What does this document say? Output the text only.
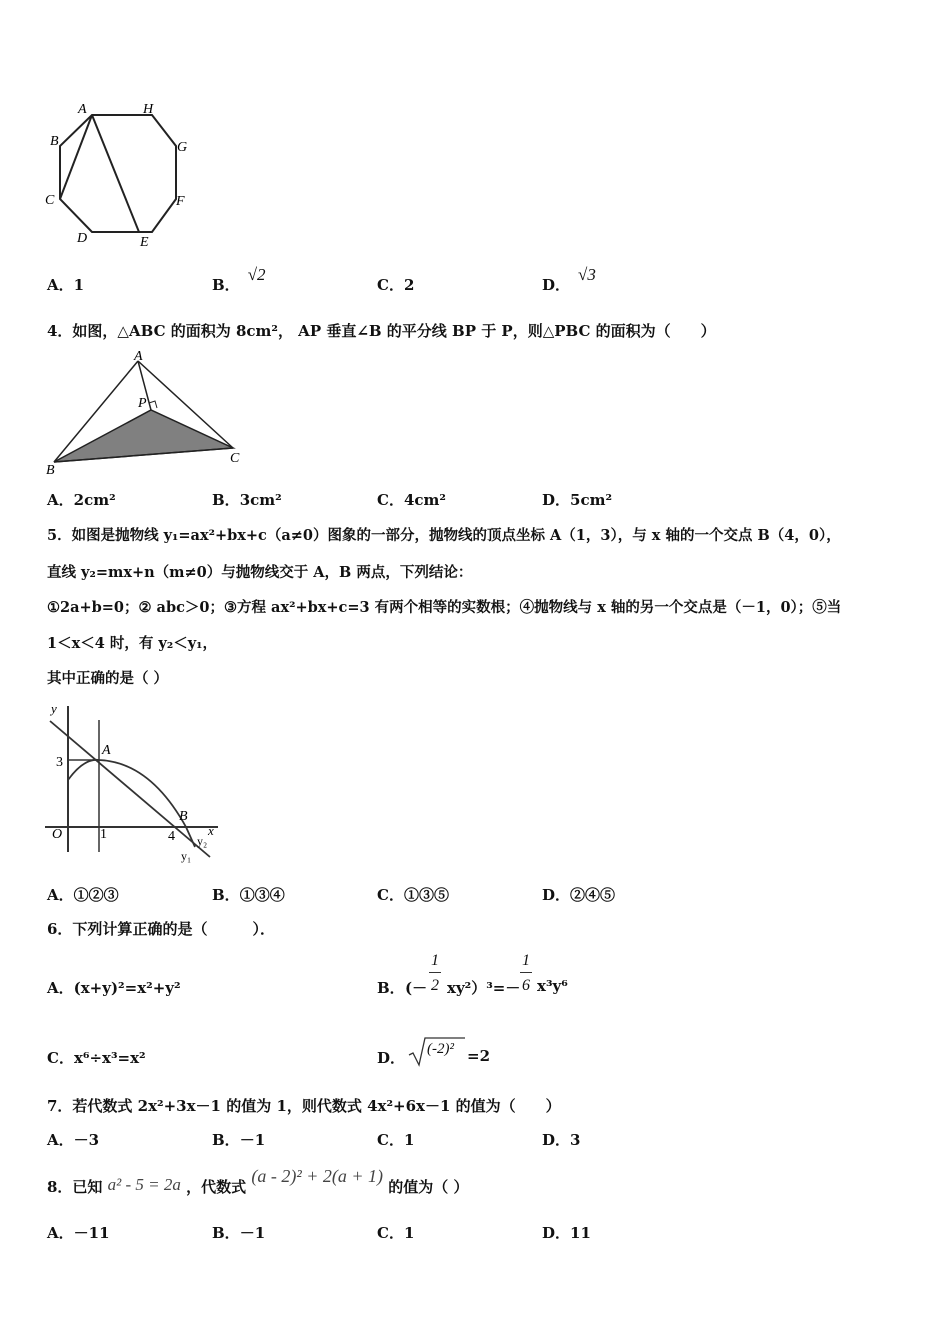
A	H
G
F
E
D
C
B
A．1	B．√2
C．2	D．√3
4．如图，△ABC 的面积为 8cm²， AP 垂直∠B 的平分线 BP 于 P，则△PBC 的面积为（　　）
A
P
B
C
A．2cm²	B．3cm²	C．4cm²	D．5cm²
5．如图是抛物线 y₁=ax²+bx+c（a≠0）图象的一部分，抛物线的顶点坐标 A（1，3），与 x 轴的一个交点 B（4，0），
直线 y₂=mx+n（m≠0）与抛物线交于 A，B 两点，下列结论：
①2a+b=0；② abc＞0；③方程 ax²+bx+c=3 有两个相等的实数根；④抛物线与 x 轴的另一个交点是（－1，0）；⑤当
1＜x＜4 时，有 y₂＜y₁，
其中正确的是（ ）
y
x
3
A
B
O	1	4 y₂
y₁
A．①②③	B．①③④	C．①③⑤	D．②④⑤
6．下列计算正确的是（　　　）．
A．(x+y)²=x²+y²	B． (－
1
2 xy²）³=－
1
6 x³y⁶
C．x⁶÷x³=x²	D． (-2)² =2
7．若代数式 2x²+3x－1 的值为 1，则代数式 4x²+6x－1 的值为（　　）
A．－3	B．－1	C．1	D．3
8．已知 a² - 5 = 2a ，代数式 (a - 2)² + 2(a + 1) 的值为（ ）
A．－11	B．－1	C．1	D．11
